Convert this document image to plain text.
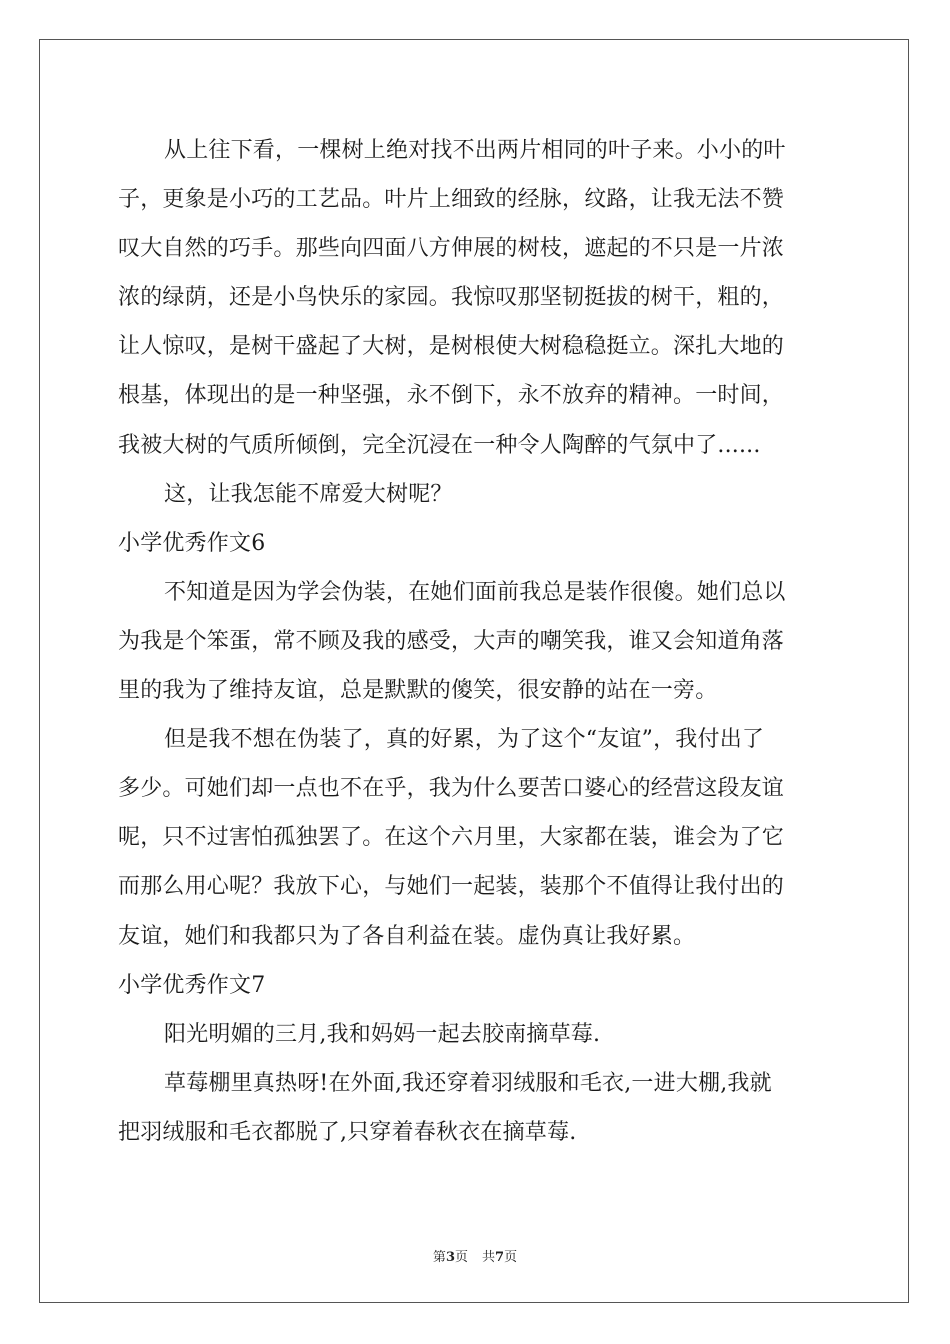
从上往下看，一棵树上绝对找不出两片相同的叶子来。小小的叶
子，更象是小巧的工艺品。叶片上细致的经脉，纹路，让我无法不赞
叹大自然的巧手。那些向四面八方伸展的树枝，遮起的不只是一片浓
浓的绿荫，还是小鸟快乐的家园。我惊叹那坚韧挺拔的树干，粗的，
让人惊叹，是树干盛起了大树，是树根使大树稳稳挺立。深扎大地的
根基，体现出的是一种坚强，永不倒下，永不放弃的精神。一时间，
我被大树的气质所倾倒，完全沉浸在一种令人陶醉的气氛中了......
这，让我怎能不席爱大树呢？
小学优秀作文6
不知道是因为学会伪装，在她们面前我总是装作很傻。她们总以
为我是个笨蛋，常不顾及我的感受，大声的嘲笑我，谁又会知道角落
里的我为了维持友谊，总是默默的傻笑，很安静的站在一旁。
但是我不想在伪装了，真的好累，为了这个“友谊”，我付出了
多少。可她们却一点也不在乎，我为什么要苦口婆心的经营这段友谊
呢，只不过害怕孤独罢了。在这个六月里，大家都在装，谁会为了它
而那么用心呢？我放下心，与她们一起装，装那个不值得让我付出的
友谊，她们和我都只为了各自利益在装。虚伪真让我好累。
小学优秀作文7
阳光明媚的三月,我和妈妈一起去胶南摘草莓.
草莓棚里真热呀!在外面,我还穿着羽绒服和毛衣,一进大棚,我就
把羽绒服和毛衣都脱了,只穿着春秋衣在摘草莓.
第3页 共7页
